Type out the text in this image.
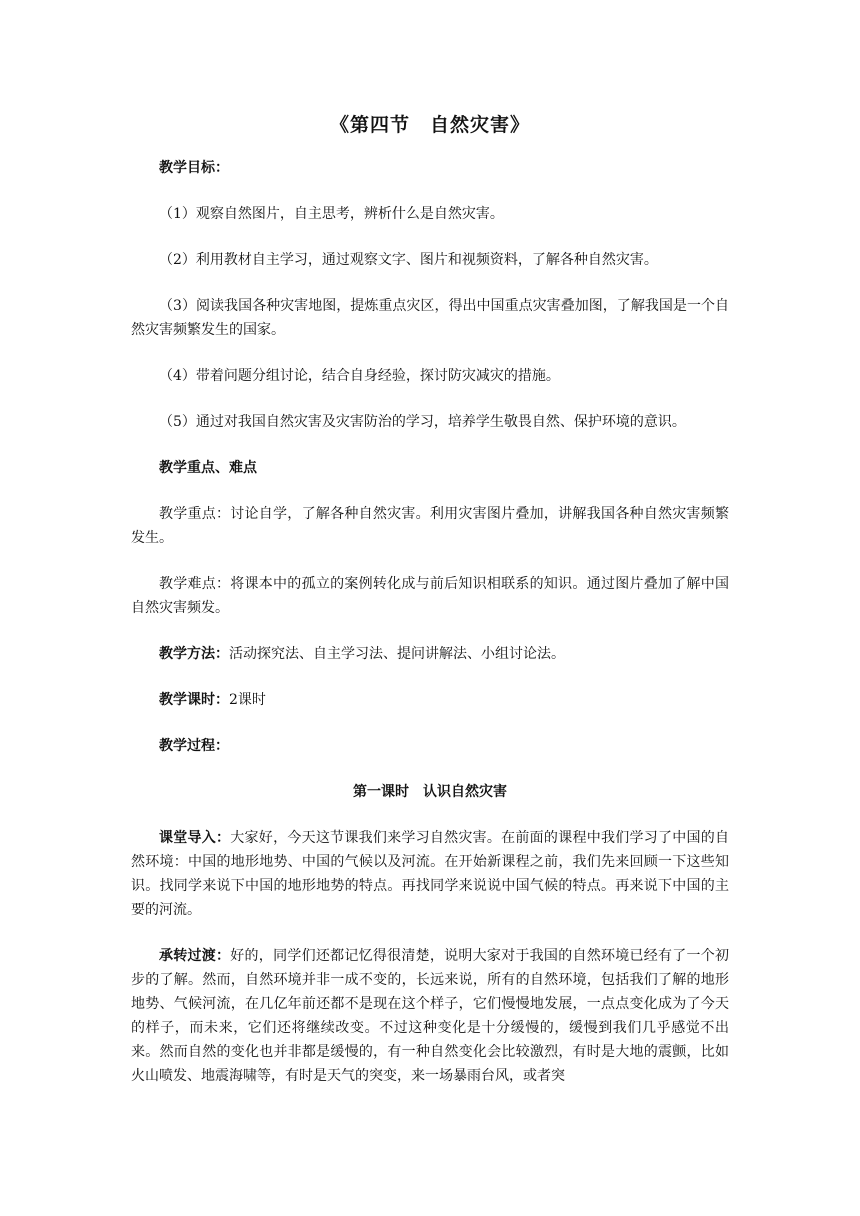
《第四节　自然灾害》
教学目标：
（1）观察自然图片，自主思考，辨析什么是自然灾害。
（2）利用教材自主学习，通过观察文字、图片和视频资料，了解各种自然灾害。
（3）阅读我国各种灾害地图，提炼重点灾区，得出中国重点灾害叠加图，了解我国是一个自然灾害频繁发生的国家。
（4）带着问题分组讨论，结合自身经验，探讨防灾减灾的措施。
（5）通过对我国自然灾害及灾害防治的学习，培养学生敬畏自然、保护环境的意识。
教学重点、难点
教学重点：讨论自学，了解各种自然灾害。利用灾害图片叠加，讲解我国各种自然灾害频繁发生。
教学难点：将课本中的孤立的案例转化成与前后知识相联系的知识。通过图片叠加了解中国自然灾害频发。
教学方法：活动探究法、自主学习法、提问讲解法、小组讨论法。
教学课时：2课时
教学过程：
第一课时　认识自然灾害
课堂导入：大家好，今天这节课我们来学习自然灾害。在前面的课程中我们学习了中国的自然环境：中国的地形地势、中国的气候以及河流。在开始新课程之前，我们先来回顾一下这些知识。找同学来说下中国的地形地势的特点。再找同学来说说中国气候的特点。再来说下中国的主要的河流。
承转过渡：好的，同学们还都记忆得很清楚，说明大家对于我国的自然环境已经有了一个初步的了解。然而，自然环境并非一成不变的，长远来说，所有的自然环境，包括我们了解的地形地势、气候河流，在几亿年前还都不是现在这个样子，它们慢慢地发展，一点点变化成为了今天的样子，而未来，它们还将继续改变。不过这种变化是十分缓慢的，缓慢到我们几乎感觉不出来。然而自然的变化也并非都是缓慢的，有一种自然变化会比较激烈，有时是大地的震颤，比如火山喷发、地震海啸等，有时是天气的突变，来一场暴雨台风，或者突
